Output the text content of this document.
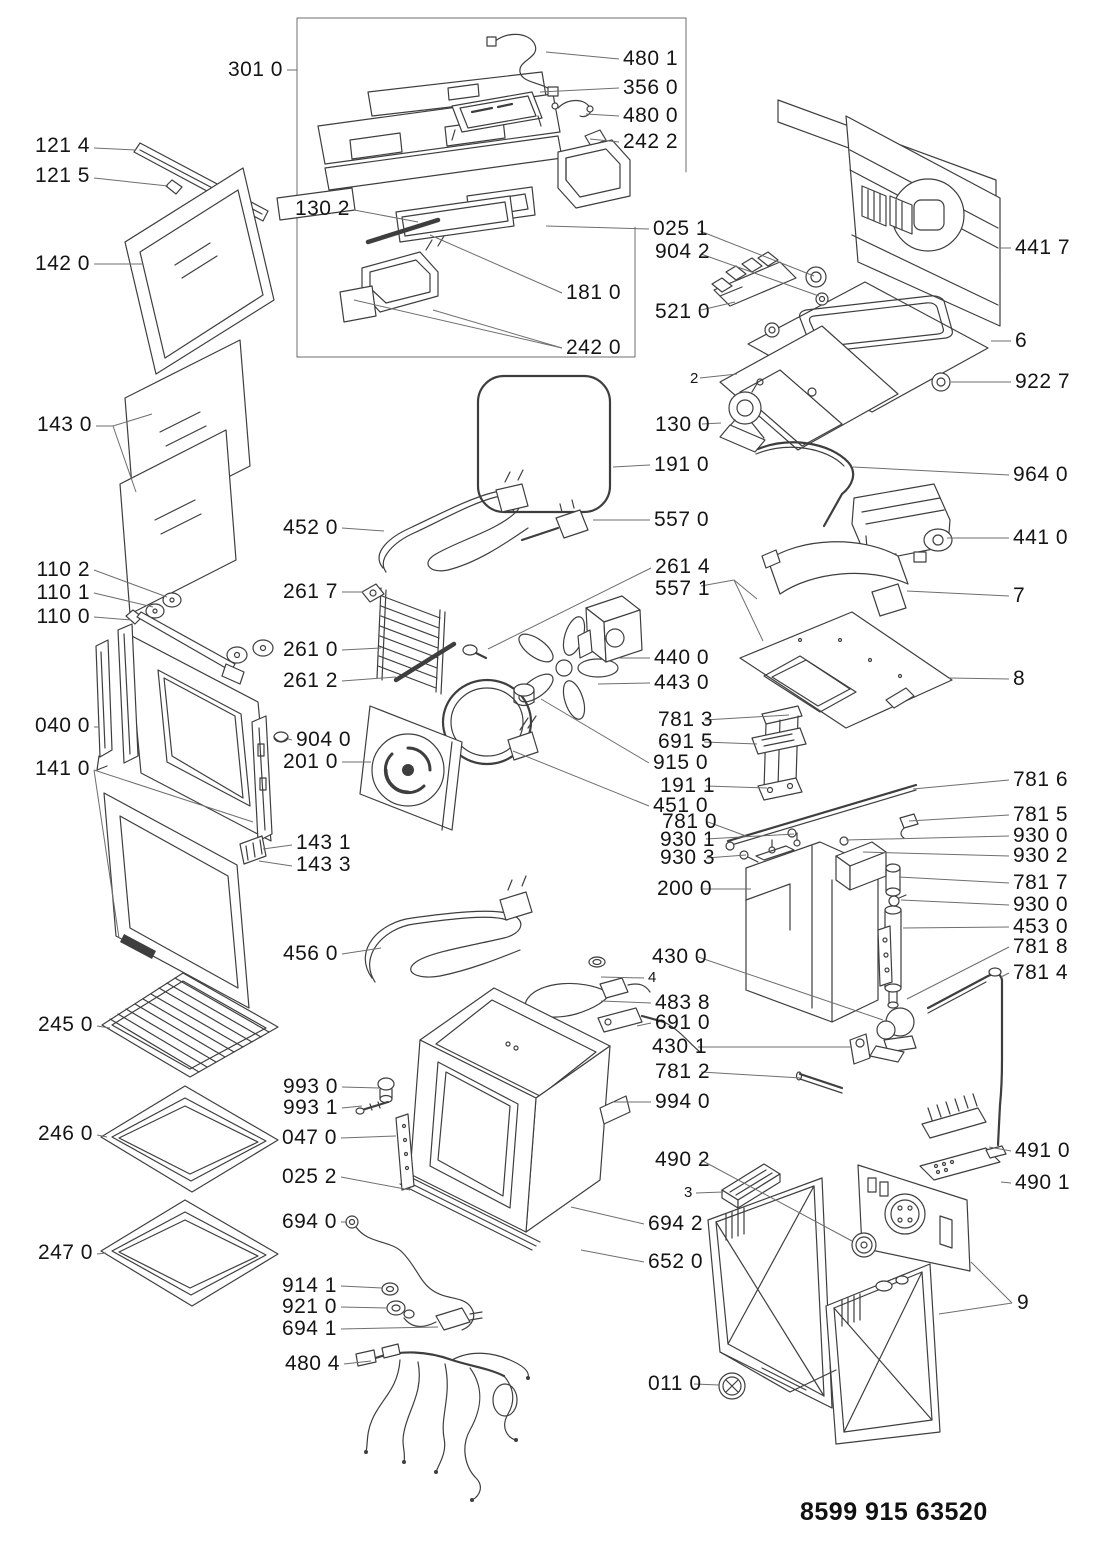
301 0
121 4
121 5
142 0
130 2
143 0
110 2
110 1
110 0
040 0
141 0
245 0
246 0
247 0
452 0
261 7
261 0
261 2
904 0
201 0
143 1
143 3
456 0
993 0
993 1
047 0
025 2
694 0
914 1
921 0
694 1
480 4
480 1
356 0
480 0
242 2
025 1
904 2
181 0
521 0
242 0
2
130 0
191 0
557 0
261 4
557 1
440 0
443 0
781 3
691 5
915 0
191 1
451 0
781 0
930 1
930 3
200 0
430 0
4
483 8
691 0
430 1
781 2
994 0
490 2
3
694 2
652 0
011 0
441 7
6
922 7
964 0
441 0
7
8
781 6
781 5
930 0
930 2
781 7
930 0
453 0
781 8
781 4
491 0
490 1
9
8599 915 63520
